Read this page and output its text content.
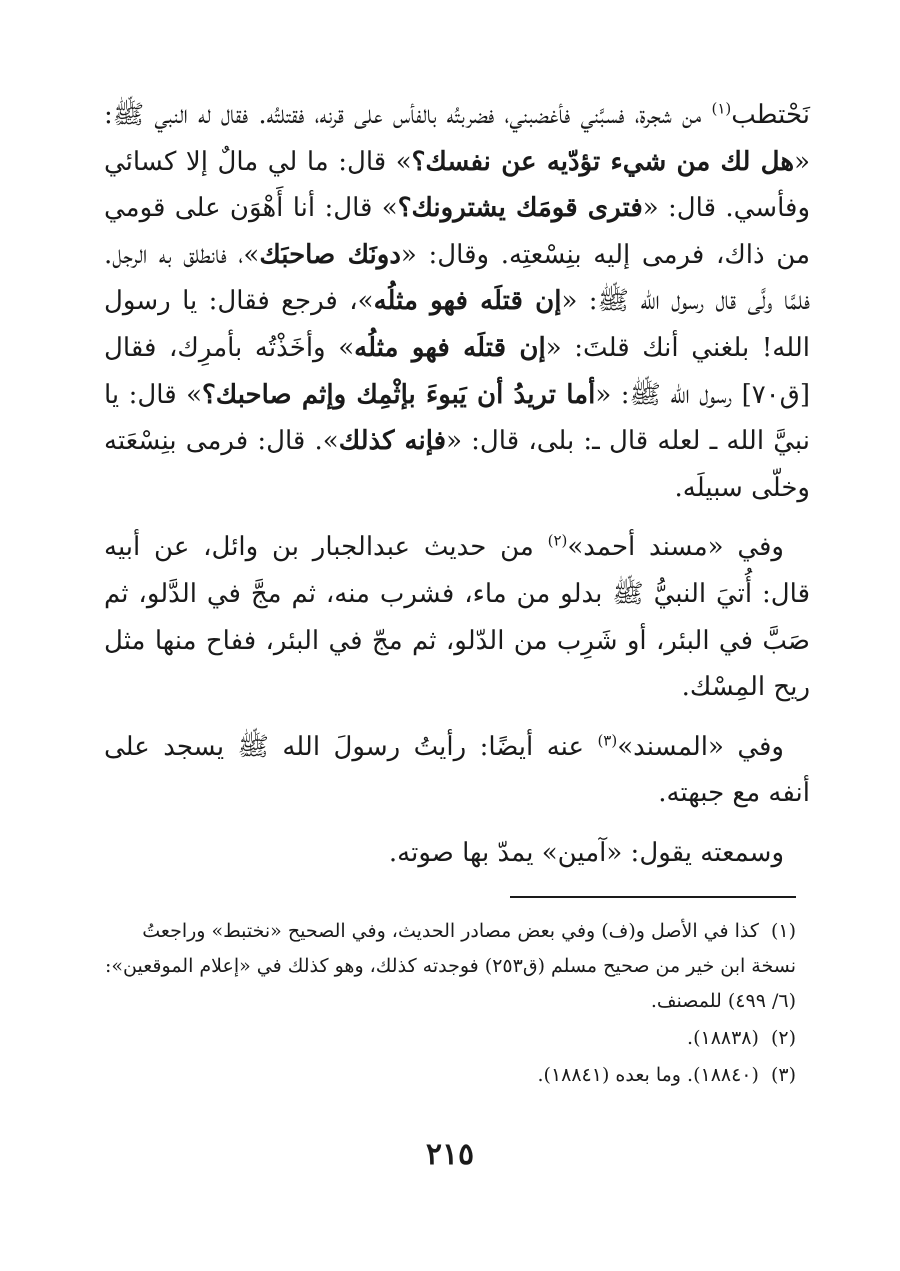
نَحْتطب$^{(١)}$ من شجرة، فسبَّني فأغضبني، فضربتُه بالفأس على قرنه، فقتلتُه. فقال له النبي ﷺ: «هل لك من شيء تؤدّيه عن نفسك؟» قال: ما لي مالٌ إلا كسائي وفأسي. قال: «فترى قومَك يشترونك؟» قال: أنا أَهْوَن على قومي من ذاك، فرمى إليه بنِسْعتِه. وقال: «دونَك صاحبَك»، فانطلق به الرجل. فلمَّا ولَّى قال رسول الله ﷺ: «إن قتلَه فهو مثلُه»، فرجع فقال: يا رسول الله! بلغني أنك قلتَ: «إن قتلَه فهو مثلُه» وأخَذْتُه بأمرِك، فقال [ق٧٠] رسول الله ﷺ: «أما تريدُ أن يَبوءَ بإثْمِك وإثم صاحبك؟» قال: يا نبيَّ الله ـ لعله قال ـ: بلى، قال: «فإنه كذلك». قال: فرمى بنِسْعَته وخلّى سبيلَه.

وفي «مسند أحمد»$^{(٢)}$ من حديث عبدالجبار بن وائل، عن أبيه قال: أُتيَ النبيُّ ﷺ بدلو من ماء، فشرب منه، ثم مجَّ في الدَّلو، ثم صَبَّ في البئر، أو شَرِب من الدّلو، ثم مجّ في البئر، ففاح منها مثل ريح المِسْك.

وفي «المسند»$^{(٣)}$ عنه أيضًا: رأيتُ رسولَ الله ﷺ يسجد على أنفه مع جبهته.

وسمعته يقول: «آمين» يمدّ بها صوته.

(١)كذا في الأصل و(ف) وفي بعض مصادر الحديث، وفي الصحيح «نختبط» وراجعتُ نسخة ابن خير من صحيح مسلم (ق٢٥٣) فوجدته كذلك، وهو كذلك في «إعلام الموقعين»: (٦/ ٤٩٩) للمصنف.

(٢)(١٨٨٣٨).

(٣)(١٨٨٤٠). وما بعده (١٨٨٤١).

٢١٥
